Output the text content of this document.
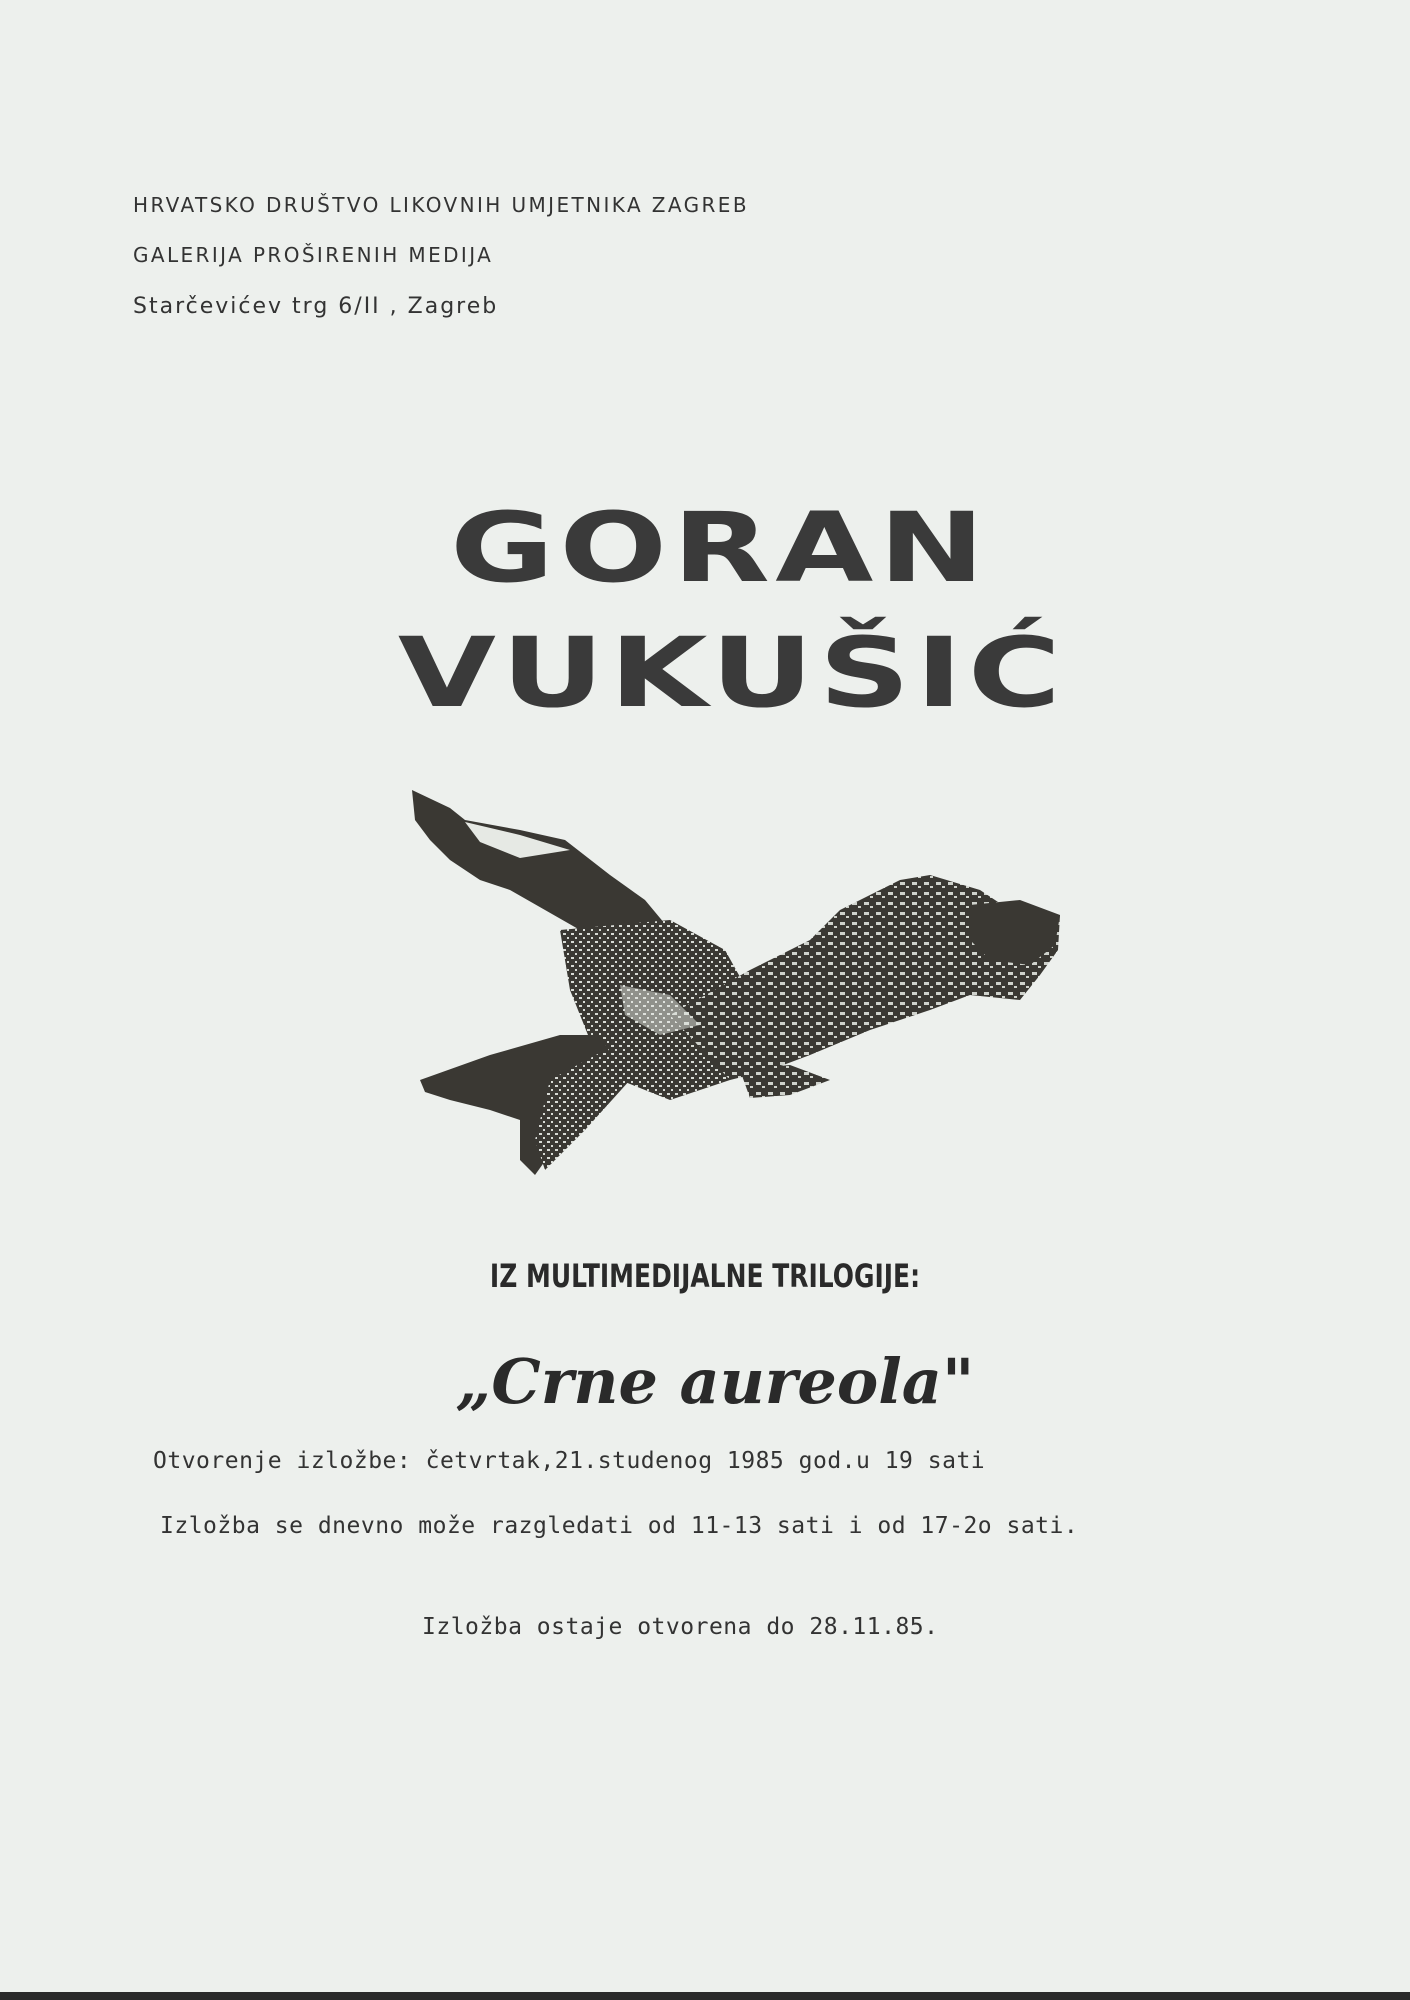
HRVATSKO DRUŠTVO LIKOVNIH UMJETNIKA ZAGREB
GALERIJA PROŠIRENIH MEDIJA
Starčevićev trg 6/II , Zagreb
GORAN
VUKUŠIĆ
IZ MULTIMEDIJALNE TRILOGIJE:
„Crne aureola"
Otvorenje izložbe: četvrtak,21.studenog 1985 god.u 19 sati
Izložba se dnevno može razgledati od 11-13 sati i od 17-2o sati.
Izložba ostaje otvorena do 28.11.85.
